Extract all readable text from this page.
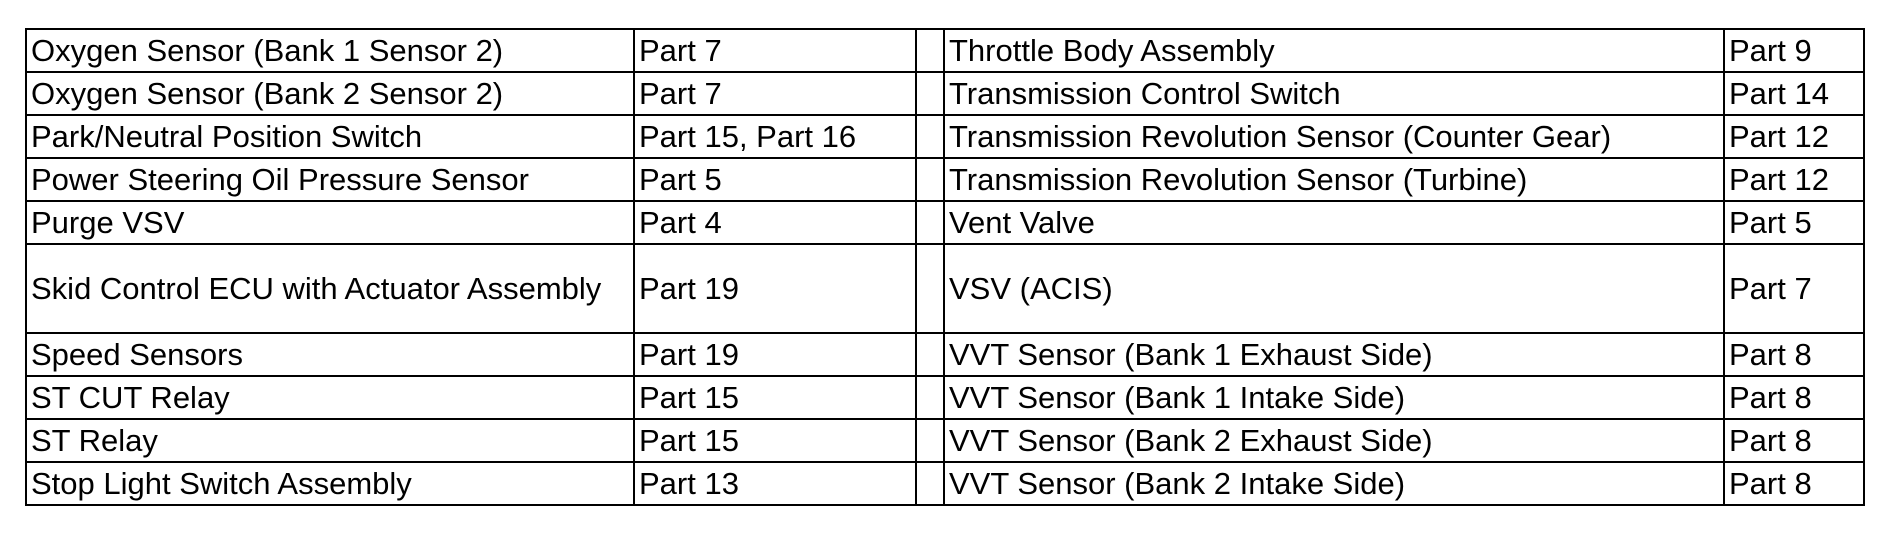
Oxygen Sensor (Bank 1 Sensor 2)	Part 7		Throttle Body Assembly	Part 9
Oxygen Sensor (Bank 2 Sensor 2)	Part 7		Transmission Control Switch	Part 14
Park/Neutral Position Switch	Part 15, Part 16		Transmission Revolution Sensor (Counter Gear)	Part 12
Power Steering Oil Pressure Sensor	Part 5		Transmission Revolution Sensor (Turbine)	Part 12
Purge VSV	Part 4		Vent Valve	Part 5
Skid Control ECU with Actuator Assembly	Part 19		VSV (ACIS)	Part 7
Speed Sensors	Part 19		VVT Sensor (Bank 1 Exhaust Side)	Part 8
ST CUT Relay	Part 15		VVT Sensor (Bank 1 Intake Side)	Part 8
ST Relay	Part 15		VVT Sensor (Bank 2 Exhaust Side)	Part 8
Stop Light Switch Assembly	Part 13		VVT Sensor (Bank 2 Intake Side)	Part 8
